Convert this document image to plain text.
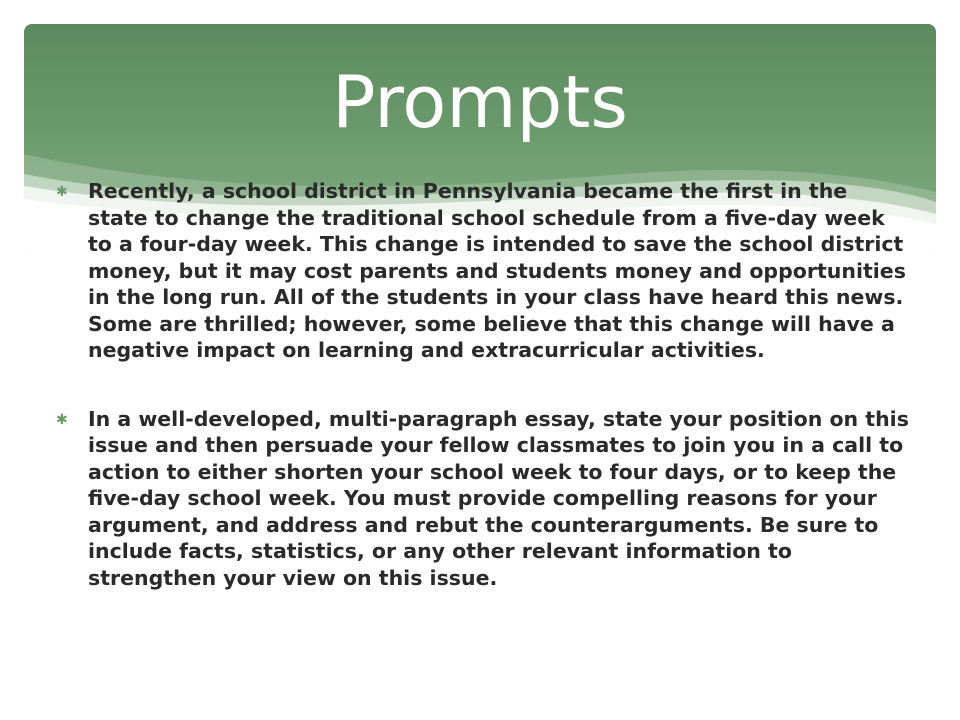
Prompts
✱ Recently, a school district in Pennsylvania became the first in the state to change the traditional school schedule from a five-day week to a four-day week. This change is intended to save the school district money, but it may cost parents and students money and opportunities in the long run. All of the students in your class have heard this news. Some are thrilled; however, some believe that this change will have a negative impact on learning and extracurricular activities.
✱ In a well-developed, multi-paragraph essay, state your position on this issue and then persuade your fellow classmates to join you in a call to action to either shorten your school week to four days, or to keep the five-day school week. You must provide compelling reasons for your argument, and address and rebut the counterarguments. Be sure to include facts, statistics, or any other relevant information to strengthen your view on this issue.
